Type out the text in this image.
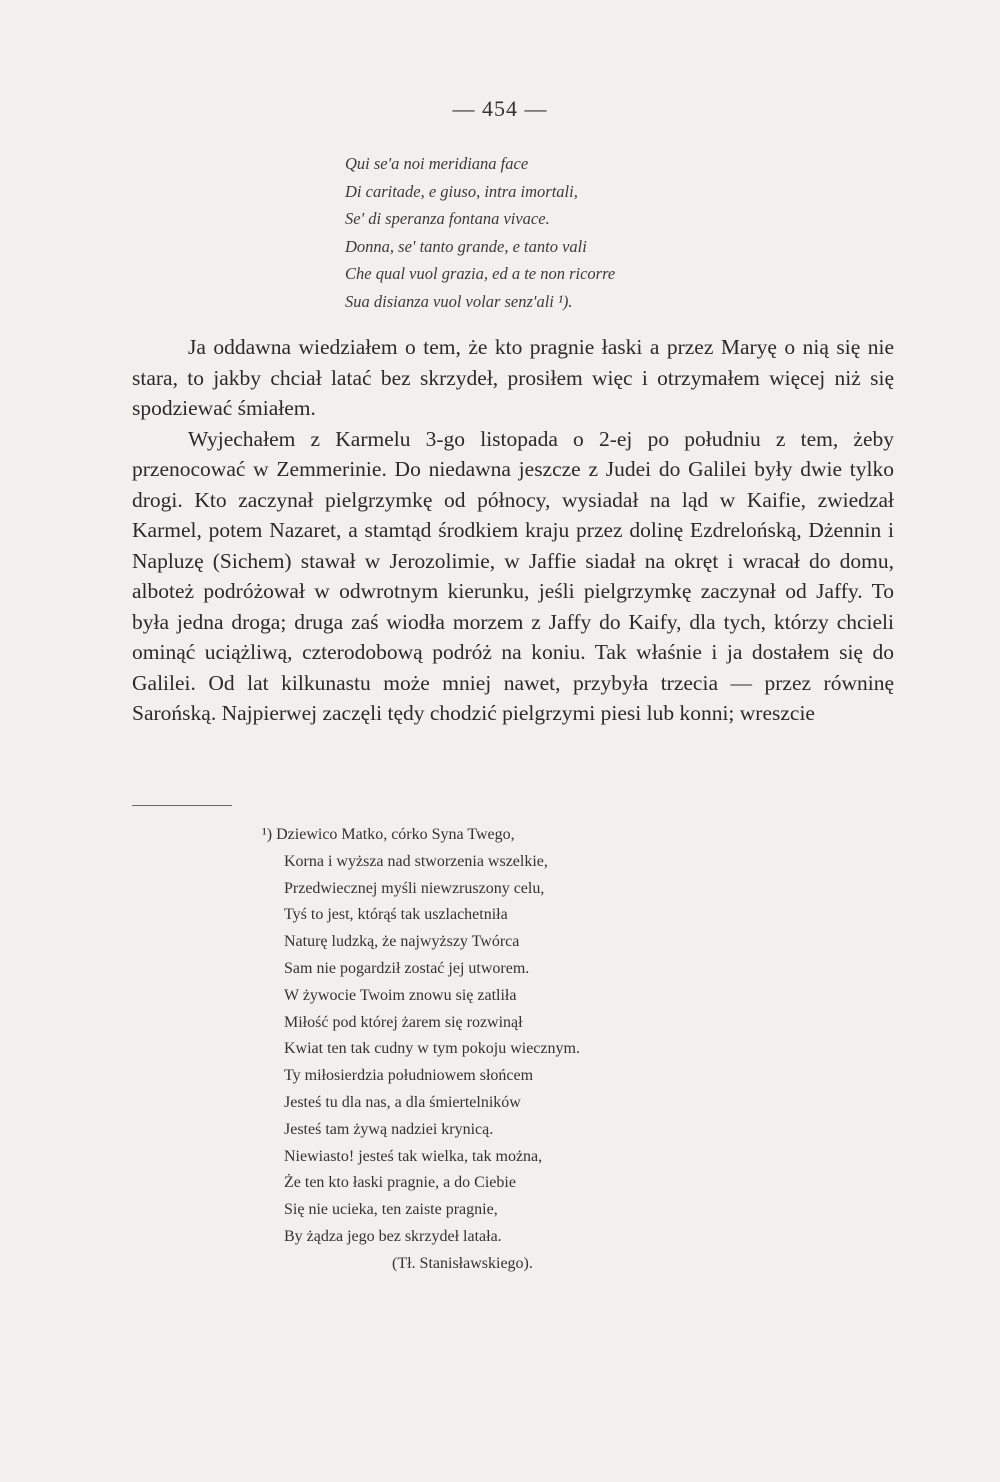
— 454 —
Qui se'a noi meridiana face
Di caritade, e giuso, intra imortali,
Se' di speranza fontana vivace.
Donna, se' tanto grande, e tanto vali
Che qual vuol grazia, ed a te non ricorre
Sua disianza vuol volar senz'ali ¹).

Ja oddawna wiedziałem o tem, że kto pragnie łaski a przez Maryę o nią się nie stara, to jakby chciał latać bez skrzydeł, prosiłem więc i otrzymałem więcej niż się spodziewać śmiałem.

Wyjechałem z Karmelu 3-go listopada o 2-ej po południu z tem, żeby przenocować w Zemmerinie. Do niedawna jeszcze z Judei do Galilei były dwie tylko drogi. Kto zaczynał pielgrzymkę od północy, wysiadał na ląd w Kaifie, zwiedzał Karmel, potem Nazaret, a stamtąd środkiem kraju przez dolinę Ezdrelońską, Dżennin i Napluzę (Sichem) stawał w Jerozolimie, w Jaffie siadał na okręt i wracał do domu, alboteż podróżował w odwrotnym kierunku, jeśli pielgrzymkę zaczynał od Jaffy. To była jedna droga; druga zaś wiodła morzem z Jaffy do Kaify, dla tych, którzy chcieli ominąć uciążliwą, czterodobową podróż na koniu. Tak właśnie i ja dostałem się do Galilei. Od lat kilkunastu może mniej nawet, przybyła trzecia — przez równinę Sarońską. Najpierwej zaczęli tędy chodzić pielgrzymi piesi lub konni; wreszcie

¹) Dziewico Matko, córko Syna Twego,
Korna i wyższa nad stworzenia wszelkie,
Przedwiecznej myśli niewzruszony celu,
Tyś to jest, którąś tak uszlachetniła
Naturę ludzką, że najwyższy Twórca
Sam nie pogardził zostać jej utworem.
W żywocie Twoim znowu się zatliła
Miłość pod której żarem się rozwinął
Kwiat ten tak cudny w tym pokoju wiecznym.
Ty miłosierdzia południowem słońcem
Jesteś tu dla nas, a dla śmiertelników
Jesteś tam żywą nadziei krynicą.
Niewiasto! jesteś tak wielka, tak można,
Że ten kto łaski pragnie, a do Ciebie
Się nie ucieka, ten zaiste pragnie,
By żądza jego bez skrzydeł latała.
(Tł. Stanisławskiego).
